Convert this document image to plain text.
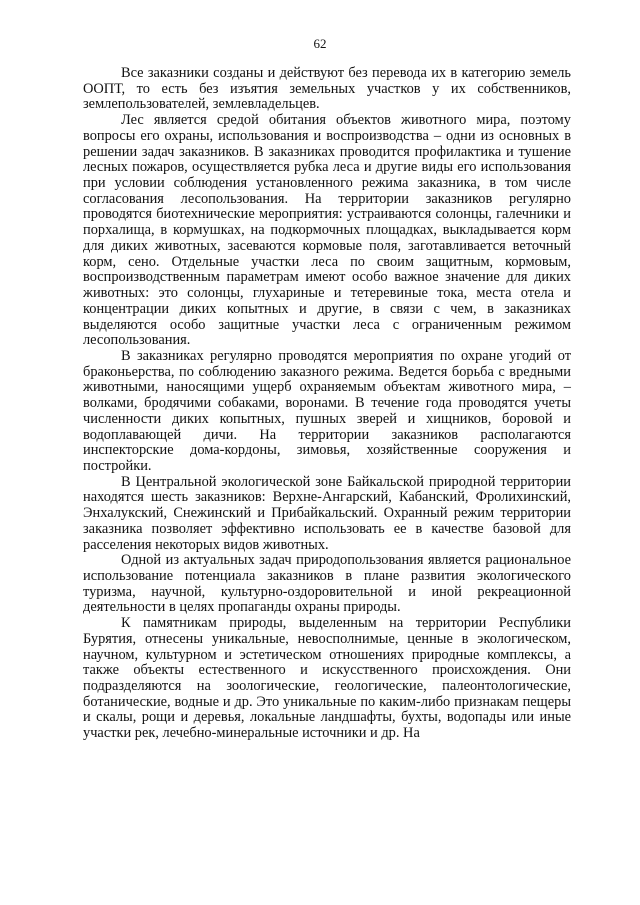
62

Все заказники созданы и действуют без перевода их в категорию земель ООПТ, то есть без изъятия земельных участков у их собственников, землепользователей, землевладельцев.

Лес является средой обитания объектов животного мира, поэтому вопросы его охраны, использования и воспроизводства – одни из основных в решении задач заказников. В заказниках проводится профилактика и тушение лесных пожаров, осуществляется рубка леса и другие виды его использования при условии соблюдения установленного режима заказника, в том числе согласования лесопользования. На территории заказников регулярно проводятся биотехнические мероприятия: устраиваются солонцы, галечники и порхалища, в кормушках, на подкормочных площадках, выкладывается корм для диких животных, засеваются кормовые поля, заготавливается веточный корм, сено. Отдельные участки леса по своим защитным, кормовым, воспроизводственным параметрам имеют особо важное значение для диких животных: это солонцы, глухариные и тетеревиные тока, места отела и концентрации диких копытных и другие, в связи с чем, в заказниках выделяются особо защитные участки леса с ограниченным режимом лесопользования.

В заказниках регулярно проводятся мероприятия по охране угодий от браконьерства, по соблюдению заказного режима. Ведется борьба с вредными животными, наносящими ущерб охраняемым объектам животного мира, – волками, бродячими собаками, воронами. В течение года проводятся учеты численности диких копытных, пушных зверей и хищников, боровой и водоплавающей дичи. На территории заказников располагаются инспекторские дома-кордоны, зимовья, хозяйственные сооружения и постройки.

В Центральной экологической зоне Байкальской природной территории находятся шесть заказников: Верхне-Ангарский, Кабанский, Фролихинский, Энхалукский, Снежинский и Прибайкальский. Охранный режим территории заказника позволяет эффективно использовать ее в качестве базовой для расселения некоторых видов животных.

Одной из актуальных задач природопользования является рациональное использование потенциала заказников в плане развития экологического туризма, научной, культурно-оздоровительной и иной рекреационной деятельности в целях пропаганды охраны природы.

К памятникам природы, выделенным на территории Республики Бурятия, отнесены уникальные, невосполнимые, ценные в экологическом, научном, культурном и эстетическом отношениях природные комплексы, а также объекты естественного и искусственного происхождения. Они подразделяются на зоологические, геологические, палеонтологические, ботанические, водные и др. Это уникальные по каким-либо признакам пещеры и скалы, рощи и деревья, локальные ландшафты, бухты, водопады или иные участки рек, лечебно-минеральные источники и др. На
